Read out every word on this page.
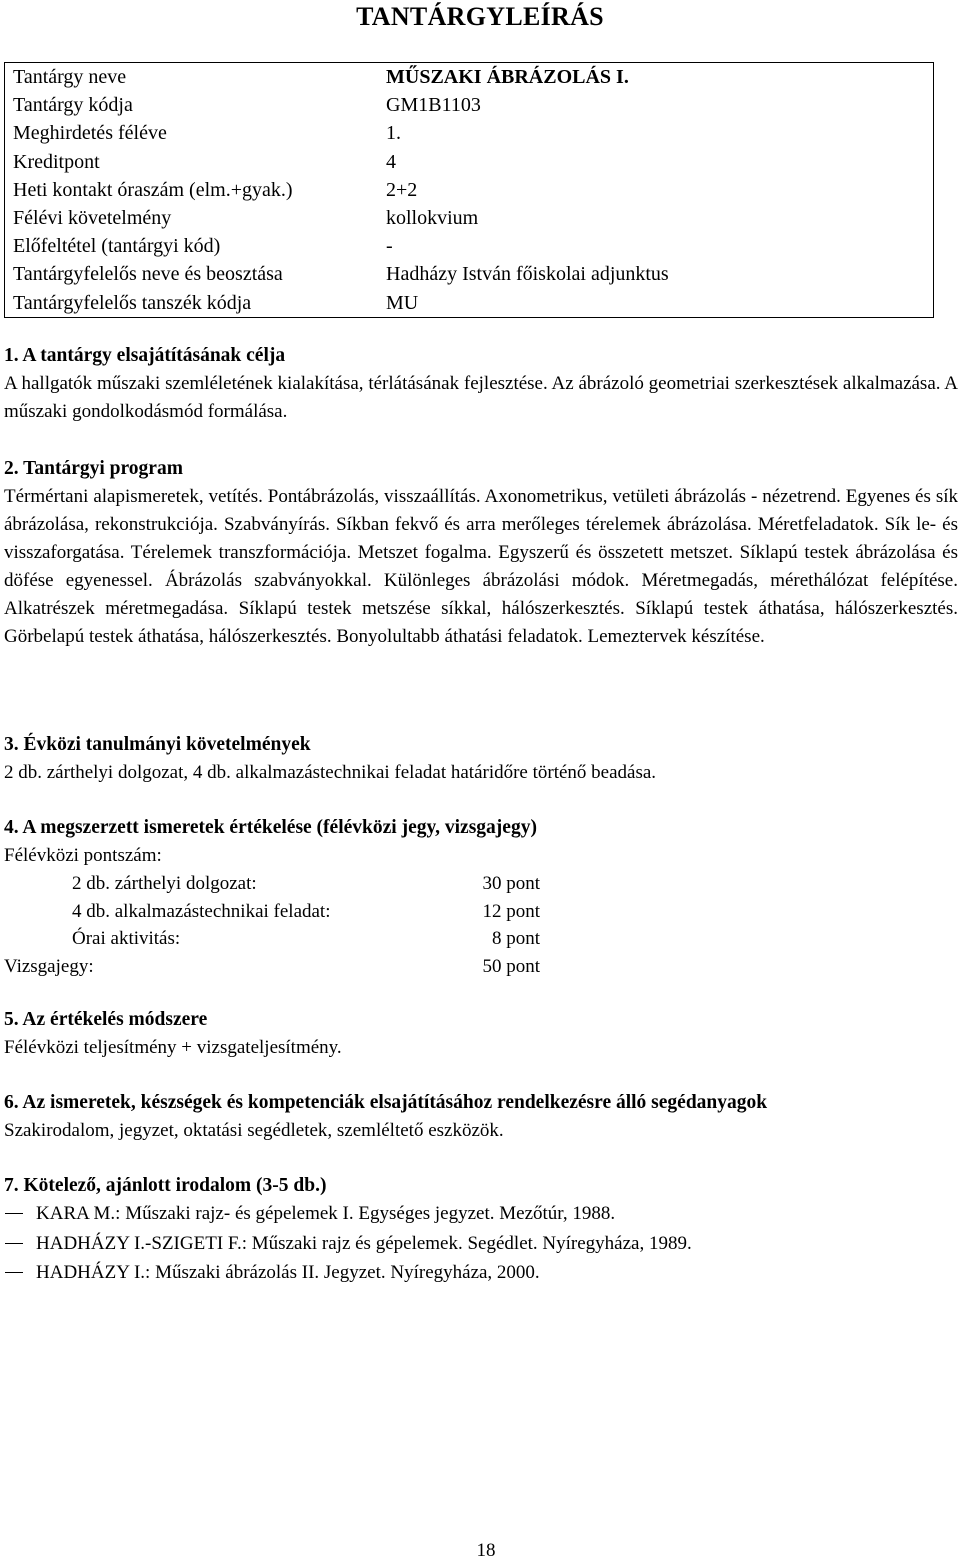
TANTÁRGYLEÍRÁS
Tantárgy neve	MŰSZAKI ÁBRÁZOLÁS I.
Tantárgy kódja	GM1B1103
Meghirdetés féléve	1.
Kreditpont	4
Heti kontakt óraszám (elm.+gyak.)	2+2
Félévi követelmény	kollokvium
Előfeltétel (tantárgyi kód)	-
Tantárgyfelelős neve és beosztása	Hadházy István főiskolai adjunktus
Tantárgyfelelős tanszék kódja	MU
1. A tantárgy elsajátításának célja

A hallgatók műszaki szemléletének kialakítása, térlátásának fejlesztése. Az ábrázoló geometriai szerkesztések alkalmazása. A műszaki gondolkodásmód formálása.

2. Tantárgyi program

Térmértani alapismeretek, vetítés. Pontábrázolás, visszaállítás. Axonometrikus, vetületi ábrázolás - nézetrend. Egyenes és sík ábrázolása, rekonstrukciója. Szabványírás. Síkban fekvő és arra merőleges térelemek ábrázolása. Méretfeladatok. Sík le- és visszaforgatása. Térelemek transzformációja. Metszet fogalma. Egyszerű és összetett metszet. Síklapú testek ábrázolása és döfése egyenessel. Ábrázolás szabványokkal. Különleges ábrázolási módok. Méretmegadás, mérethálózat felépítése. Alkatrészek méretmegadása. Síklapú testek metszése síkkal, hálószerkesztés. Síklapú testek áthatása, hálószerkesztés. Görbelapú testek áthatása, hálószerkesztés. Bonyolultabb áthatási feladatok. Lemeztervek készítése.

3. Évközi tanulmányi követelmények

2 db. zárthelyi dolgozat, 4 db. alkalmazástechnikai feladat határidőre történő beadása.

4. A megszerzett ismeretek értékelése (félévközi jegy, vizsgajegy)

Félévközi pontszám:

2 db. zárthelyi dolgozat:	30 pont
4 db. alkalmazástechnikai feladat:	12 pont
Órai aktivitás:	8 pont
Vizsgajegy:	50 pont
5. Az értékelés módszere

Félévközi teljesítmény + vizsgateljesítmény.

6. Az ismeretek, készségek és kompetenciák elsajátításához rendelkezésre álló segédanyagok

Szakirodalom, jegyzet, oktatási segédletek, szemléltető eszközök.

7. Kötelező, ajánlott irodalom (3-5 db.)
KARA M.: Műszaki rajz- és gépelemek I. Egységes jegyzet. Mezőtúr, 1988.
HADHÁZY I.-SZIGETI F.: Műszaki rajz és gépelemek. Segédlet. Nyíregyháza, 1989.
HADHÁZY I.: Műszaki ábrázolás II. Jegyzet. Nyíregyháza, 2000.
18
